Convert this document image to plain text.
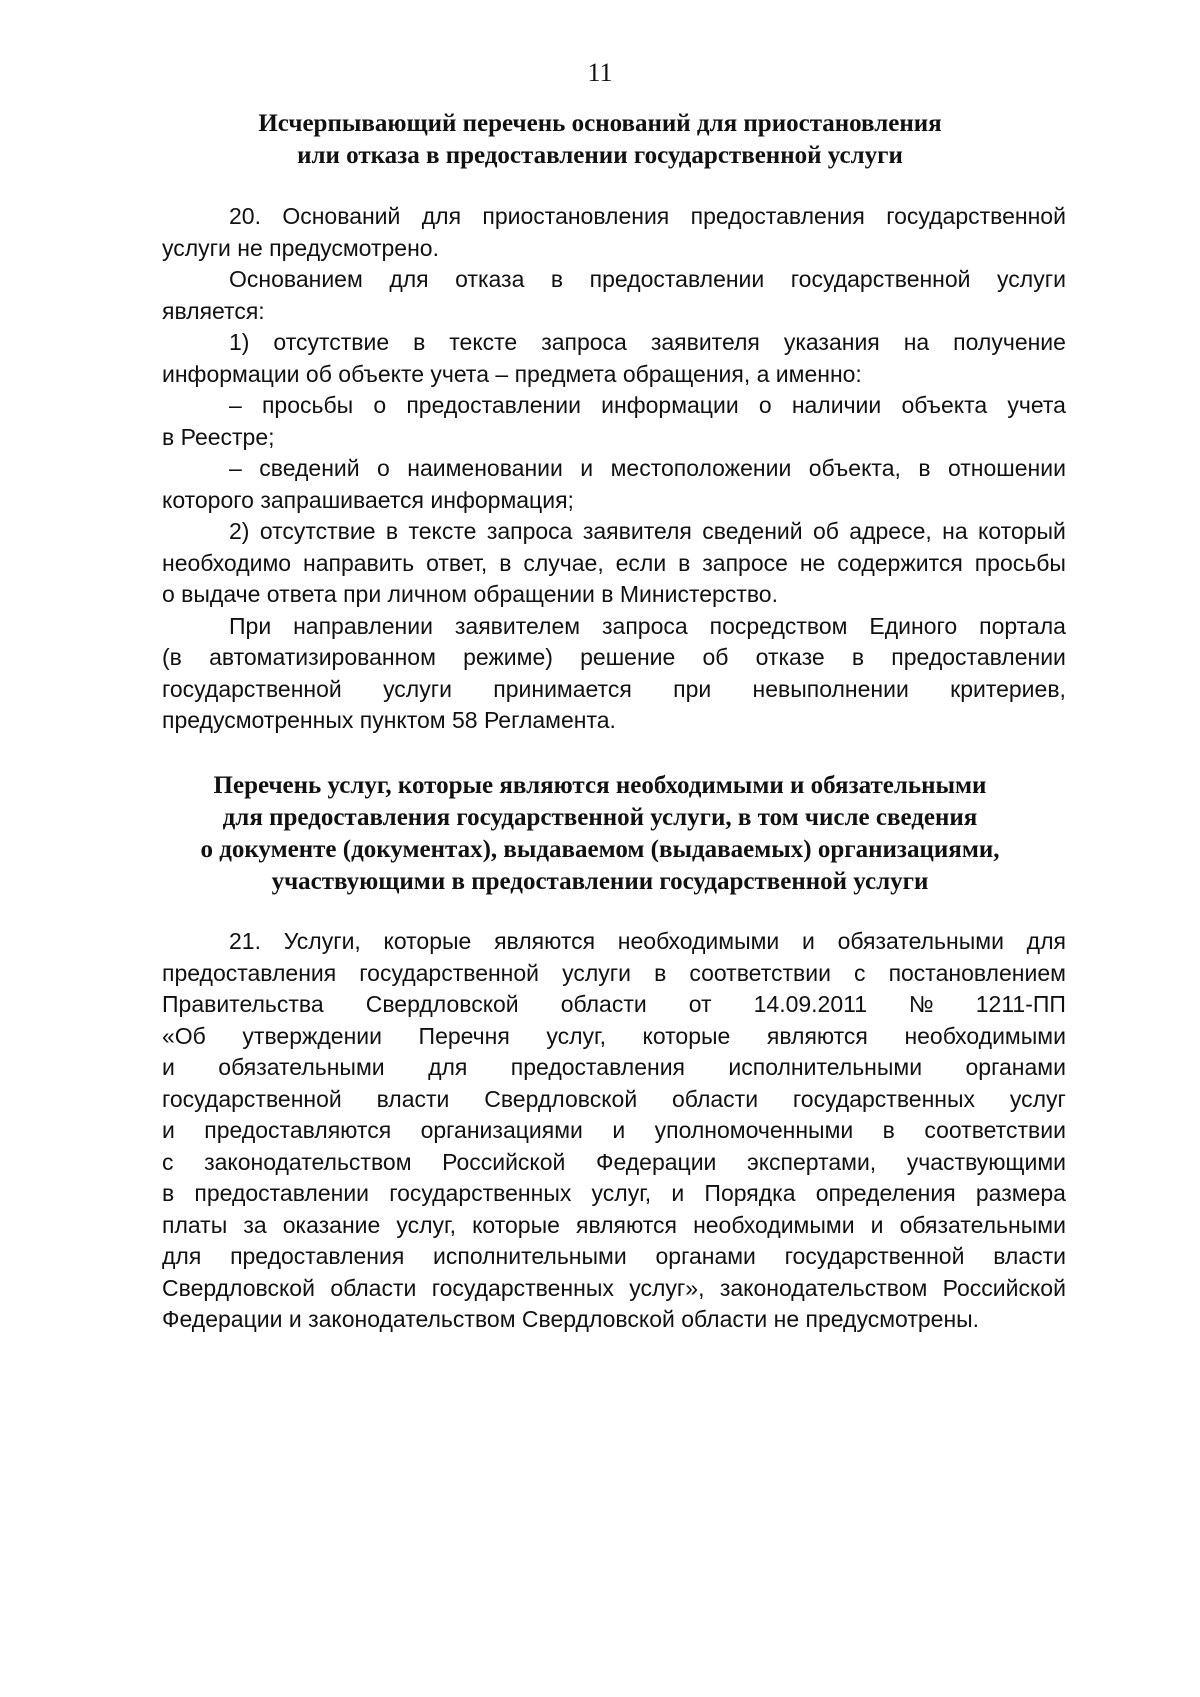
11
Исчерпывающий перечень оснований для приостановления
или отказа в предоставлении государственной услуги
20. Оснований для приостановления предоставления государственной
услуги не предусмотрено.
Основанием для отказа в предоставлении государственной услуги
является:
1) отсутствие в тексте запроса заявителя указания на получение
информации об объекте учета – предмета обращения, а именно:
– просьбы о предоставлении информации о наличии объекта учета
в Реестре;
– сведений о наименовании и местоположении объекта, в отношении
которого запрашивается информация;
2) отсутствие в тексте запроса заявителя сведений об адресе, на который
необходимо направить ответ, в случае, если в запросе не содержится просьбы
о выдаче ответа при личном обращении в Министерство.
При направлении заявителем запроса посредством Единого портала
(в автоматизированном режиме) решение об отказе в предоставлении
государственной услуги принимается при невыполнении критериев,
предусмотренных пунктом 58 Регламента.
Перечень услуг, которые являются необходимыми и обязательными
для предоставления государственной услуги, в том числе сведения
о документе (документах), выдаваемом (выдаваемых) организациями,
участвующими в предоставлении государственной услуги
21. Услуги, которые являются необходимыми и обязательными для
предоставления государственной услуги в соответствии с постановлением
Правительства Свердловской области от 14.09.2011 № 1211-ПП
«Об утверждении Перечня услуг, которые являются необходимыми
и обязательными для предоставления исполнительными органами
государственной власти Свердловской области государственных услуг
и предоставляются организациями и уполномоченными в соответствии
с законодательством Российской Федерации экспертами, участвующими
в предоставлении государственных услуг, и Порядка определения размера
платы за оказание услуг, которые являются необходимыми и обязательными
для предоставления исполнительными органами государственной власти
Свердловской области государственных услуг», законодательством Российской
Федерации и законодательством Свердловской области не предусмотрены.
